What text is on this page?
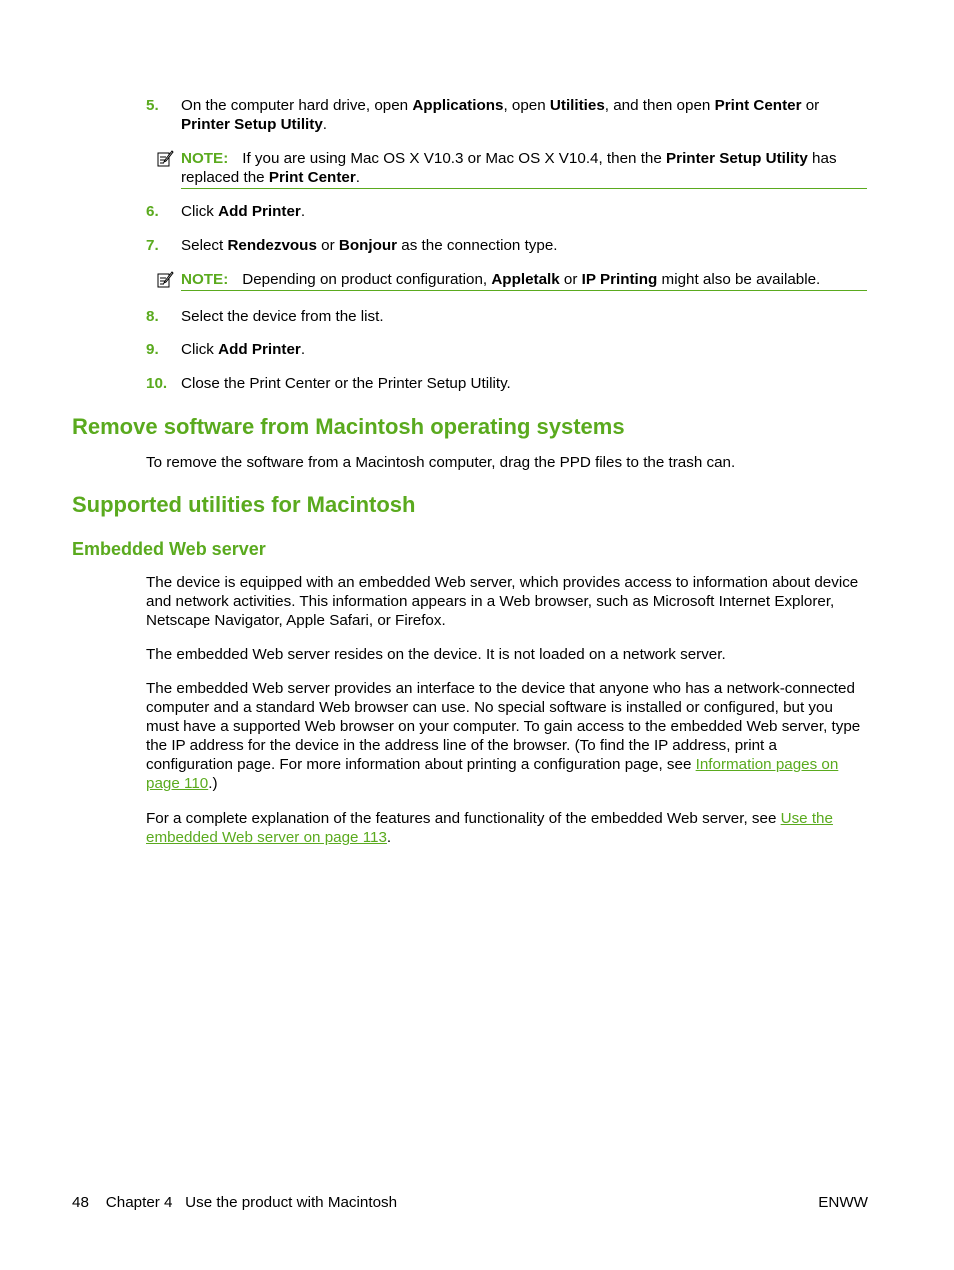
5. On the computer hard drive, open Applications, open Utilities, and then open Print Center or Printer Setup Utility.
NOTE: If you are using Mac OS X V10.3 or Mac OS X V10.4, then the Printer Setup Utility has replaced the Print Center.
6. Click Add Printer.
7. Select Rendezvous or Bonjour as the connection type.
NOTE: Depending on product configuration, Appletalk or IP Printing might also be available.
8. Select the device from the list.
9. Click Add Printer.
10. Close the Print Center or the Printer Setup Utility.
Remove software from Macintosh operating systems
To remove the software from a Macintosh computer, drag the PPD files to the trash can.
Supported utilities for Macintosh
Embedded Web server
The device is equipped with an embedded Web server, which provides access to information about device and network activities. This information appears in a Web browser, such as Microsoft Internet Explorer, Netscape Navigator, Apple Safari, or Firefox.
The embedded Web server resides on the device. It is not loaded on a network server.
The embedded Web server provides an interface to the device that anyone who has a network-connected computer and a standard Web browser can use. No special software is installed or configured, but you must have a supported Web browser on your computer. To gain access to the embedded Web server, type the IP address for the device in the address line of the browser. (To find the IP address, print a configuration page. For more information about printing a configuration page, see Information pages on page 110.)
For a complete explanation of the features and functionality of the embedded Web server, see Use the embedded Web server on page 113.
48 Chapter 4 Use the product with Macintosh	ENWW
